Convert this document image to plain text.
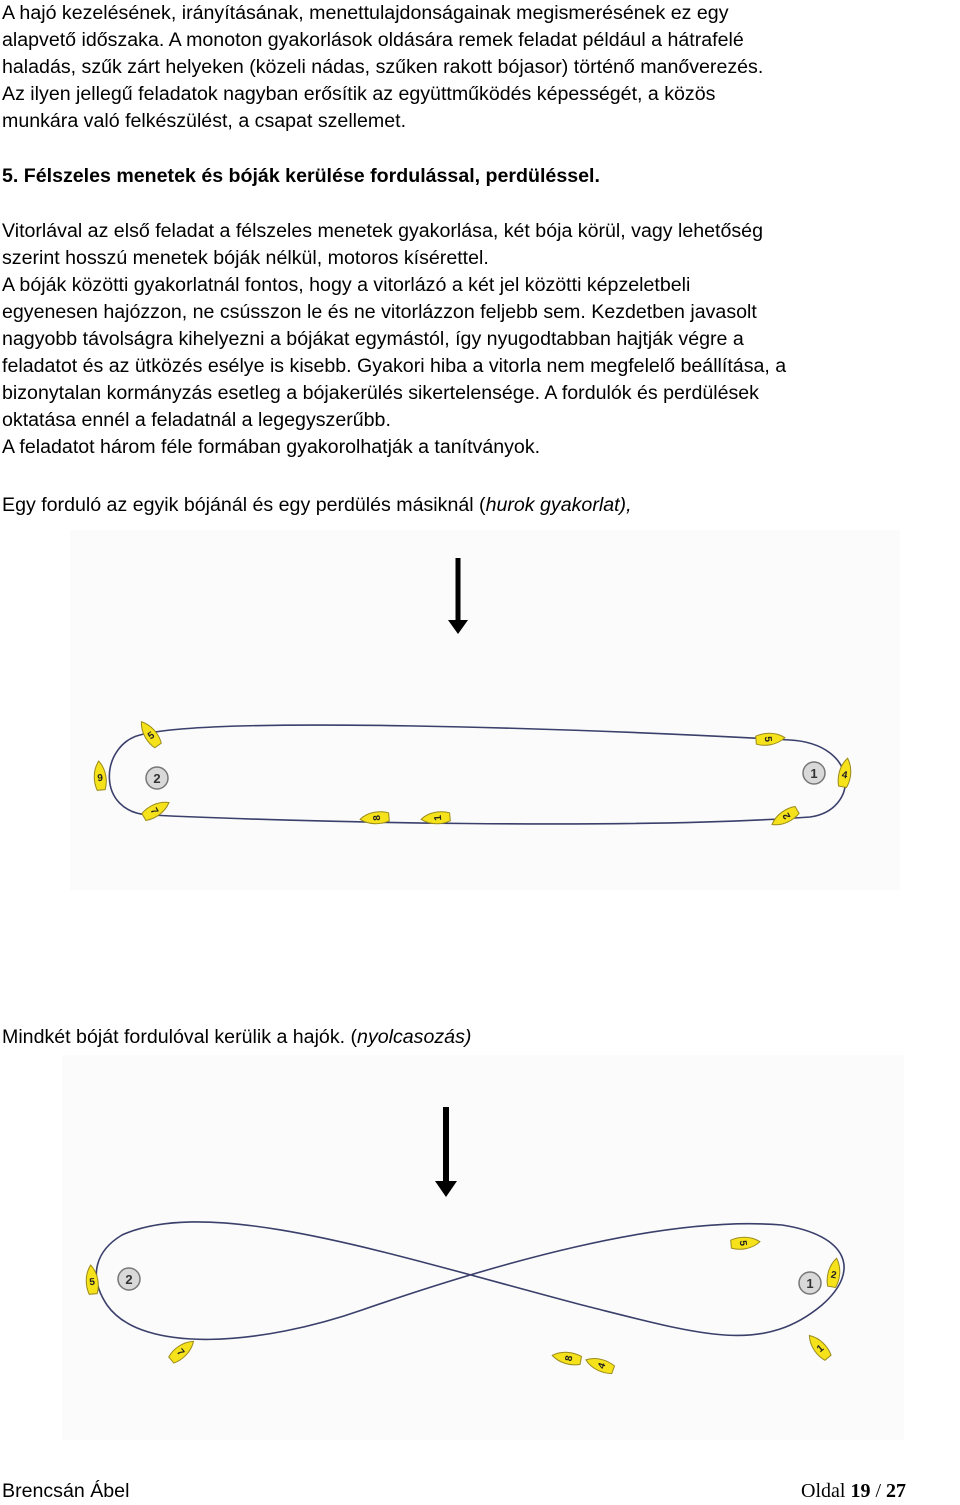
A hajó kezelésének, irányításának, menettulajdonságainak megismerésének ez egy
alapvető időszaka. A monoton gyakorlások oldására remek feladat például a hátrafelé
haladás, szűk zárt helyeken (közeli nádas, szűken rakott bójasor) történő manőverezés.
Az ilyen jellegű feladatok nagyban erősítik az együttműködés képességét, a közös
munkára való felkészülést, a csapat szellemet.

5. Félszeles menetek és bóják kerülése fordulással, perdüléssel.

Vitorlával az első feladat a félszeles menetek gyakorlása, két bója körül, vagy lehetőség
szerint hosszú menetek bóják nélkül, motoros kísérettel.
A bóják közötti gyakorlatnál fontos, hogy a vitorlázó a két jel közötti képzeletbeli
egyenesen hajózzon, ne csússzon le és ne vitorlázzon feljebb sem. Kezdetben javasolt
nagyobb távolságra kihelyezni a bójákat egymástól, így nyugodtabban hajtják végre a
feladatot és az ütközés esélye is kisebb. Gyakori hiba a vitorla nem megfelelő beállítása, a
bizonytalan kormányzás esetleg a bójakerülés sikertelensége. A fordulók és perdülések
oktatása ennél a feladatnál a legegyszerűbb.
A feladatot három féle formában gyakorolhatják a tanítványok.

Egy forduló az egyik bójánál és egy perdülés másiknál (hurok gyakorlat),

2	1
5
9
7
8	1
5
4
2

Mindkét bóját fordulóval kerülik a hajók. (nyolcasozás)

2	1
5
7
8
4
5
2
1
Brencsán Ábel	Oldal 19 / 27
